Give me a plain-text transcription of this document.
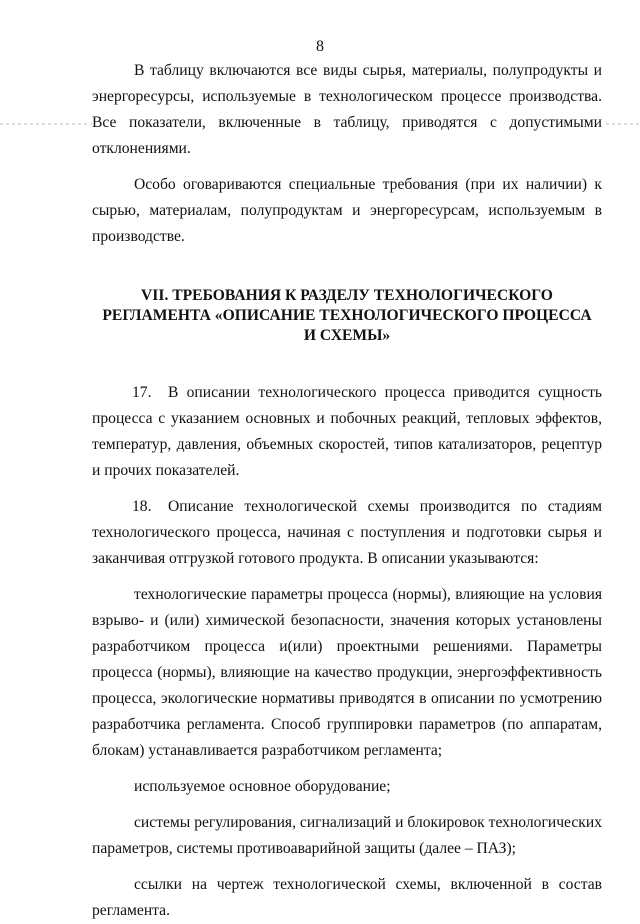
8

В таблицу включаются все виды сырья, материалы, полупродукты и энергоресурсы, используемые в технологическом процессе производства. Все показатели, включенные в таблицу, приводятся с допустимыми отклонениями.

Особо оговариваются специальные требования (при их наличии) к сырью, материалам, полупродуктам и энергоресурсам, используемым в производстве.

VII. ТРЕБОВАНИЯ К РАЗДЕЛУ ТЕХНОЛОГИЧЕСКОГО
РЕГЛАМЕНТА «ОПИСАНИЕ ТЕХНОЛОГИЧЕСКОГО ПРОЦЕССА
И СХЕМЫ»

17. В описании технологического процесса приводится сущность процесса с указанием основных и побочных реакций, тепловых эффектов, температур, давления, объемных скоростей, типов катализаторов, рецептур и прочих показателей.

18. Описание технологической схемы производится по стадиям технологического процесса, начиная с поступления и подготовки сырья и заканчивая отгрузкой готового продукта. В описании указываются:

технологические параметры процесса (нормы), влияющие на условия взрыво- и (или) химической безопасности, значения которых установлены разработчиком процесса и(или) проектными решениями. Параметры процесса (нормы), влияющие на качество продукции, энергоэффективность процесса, экологические нормативы приводятся в описании по усмотрению разработчика регламента. Способ группировки параметров (по аппаратам, блокам) устанавливается разработчиком регламента;

используемое основное оборудование;

системы регулирования, сигнализаций и блокировок технологических параметров, системы противоаварийной защиты (далее – ПАЗ);

ссылки на чертеж технологической схемы, включенной в состав регламента.
